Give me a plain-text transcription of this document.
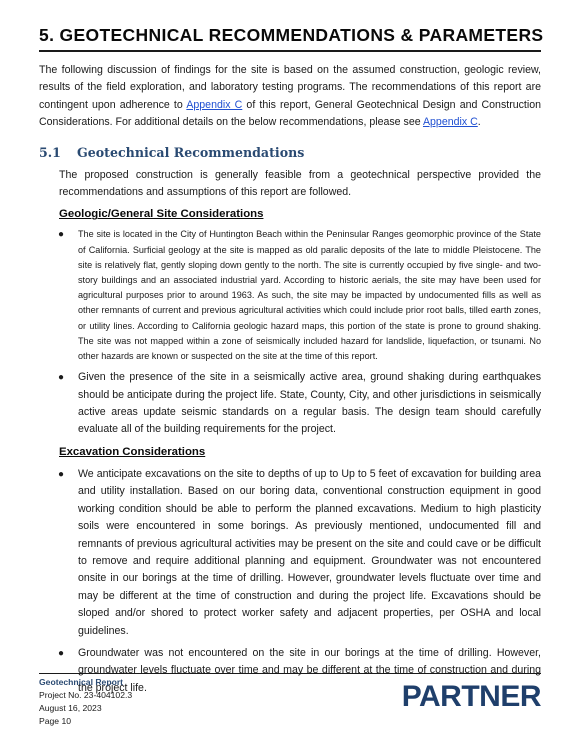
5. GEOTECHNICAL RECOMMENDATIONS & PARAMETERS

The following discussion of findings for the site is based on the assumed construction, geologic review, results of the field exploration, and laboratory testing programs. The recommendations of this report are contingent upon adherence to Appendix C of this report, General Geotechnical Design and Construction Considerations. For additional details on the below recommendations, please see Appendix C.

5.1 Geotechnical Recommendations
The proposed construction is generally feasible from a geotechnical perspective provided the recommendations and assumptions of this report are followed.
Geologic/General Site Considerations
● The site is located in the City of Huntington Beach within the Peninsular Ranges geomorphic province of the State of California. Surficial geology at the site is mapped as old paralic deposits of the late to middle Pleistocene. The site is relatively flat, gently sloping down gently to the north. The site is currently occupied by five single- and two-story buildings and an associated industrial yard. According to historic aerials, the site may have been used for agricultural purposes prior to around 1963. As such, the site may be impacted by undocumented fills as well as other remnants of current and previous agricultural activities which could include prior root balls, tilled earth zones, or utility lines. According to California geologic hazard maps, this portion of the state is prone to ground shaking. The site was not mapped within a zone of seismically included hazard for landslide, liquefaction, or tsunami. No other hazards are known or suspected on the site at the time of this report.
● Given the presence of the site in a seismically active area, ground shaking during earthquakes should be anticipate during the project life. State, County, City, and other jurisdictions in seismically active areas update seismic standards on a regular basis. The design team should carefully evaluate all of the building requirements for the project.
Excavation Considerations
● We anticipate excavations on the site to depths of up to Up to 5 feet of excavation for building area and utility installation. Based on our boring data, conventional construction equipment in good working condition should be able to perform the planned excavations. Medium to high plasticity soils were encountered in some borings. As previously mentioned, undocumented fill and remnants of previous agricultural activities may be present on the site and could cave or be difficult to remove and require additional planning and equipment. Groundwater was not encountered onsite in our borings at the time of drilling. However, groundwater levels fluctuate over time and may be different at the time of construction and during the project life. Excavations should be sloped and/or shored to protect worker safety and adjacent properties, per OSHA and local guidelines.
● Groundwater was not encountered on the site in our borings at the time of drilling. However, groundwater levels fluctuate over time and may be different at the time of construction and during the project life.
Geotechnical Report
Project No. 23-404102.3
August 16, 2023
Page 10
PARTNER
